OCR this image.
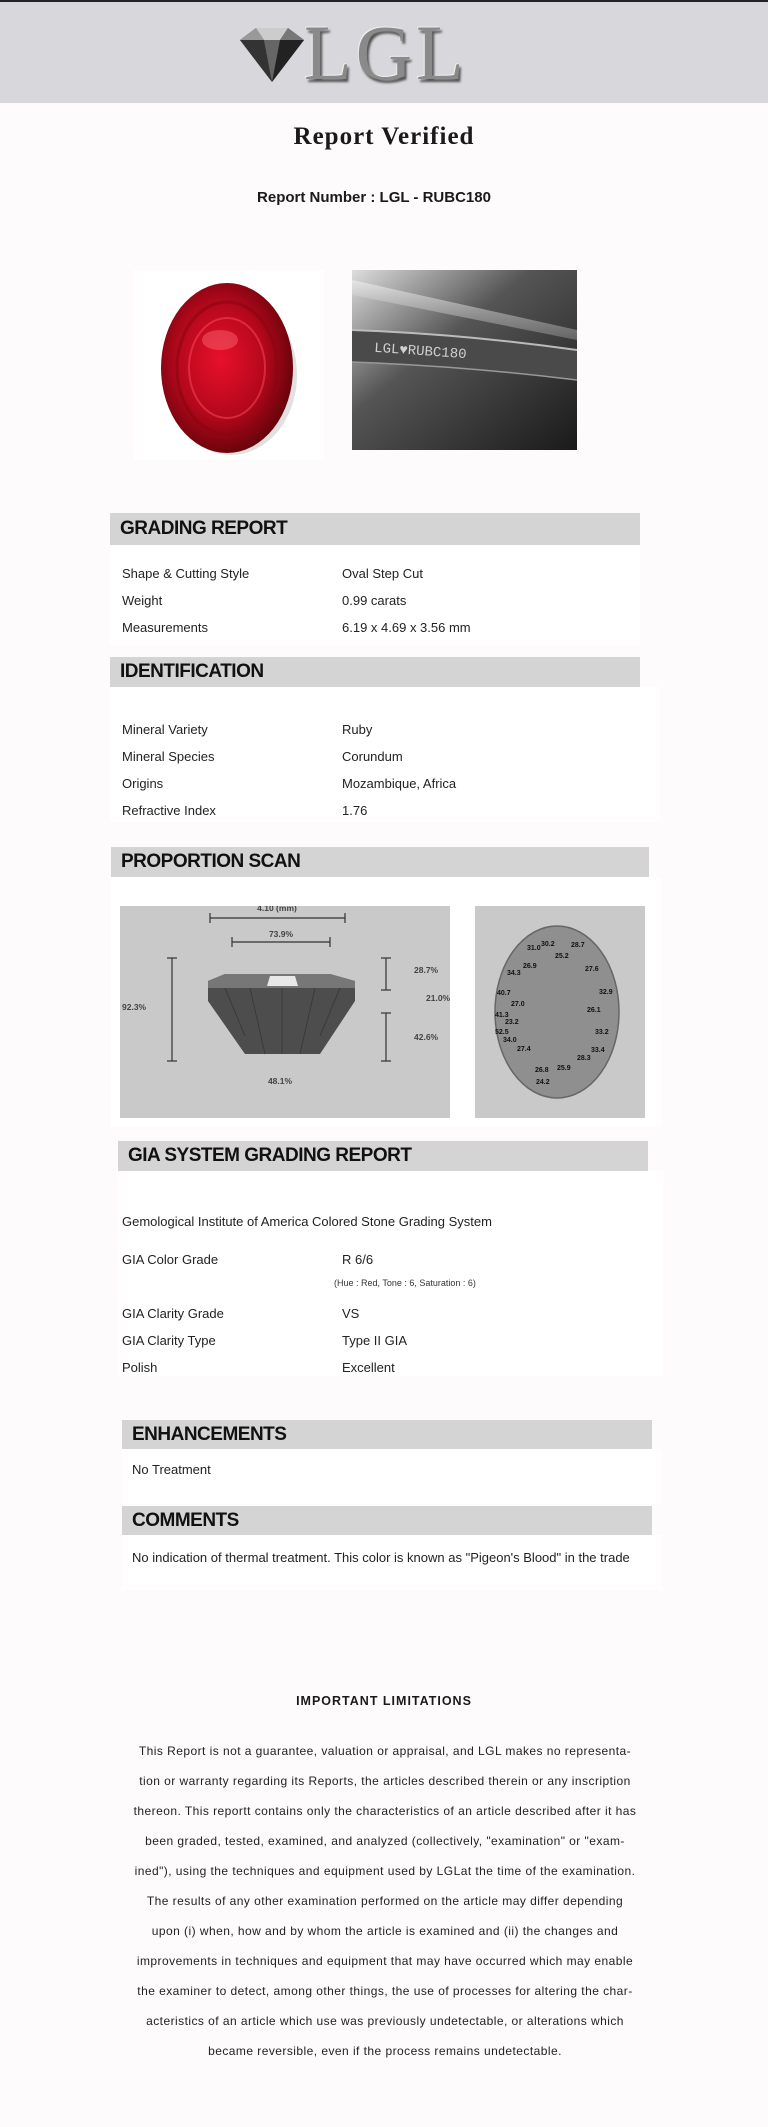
LGL
Report Verified
Report Number : LGL - RUBC180
LGL♥RUBC180
GRADING REPORT
Shape & Cutting Style	Oval Step Cut
Weight	0.99 carats
Measurements	6.19 x 4.69 x 3.56 mm
IDENTIFICATION
Mineral Variety	Ruby
Mineral Species	Corundum
Origins	Mozambique, Africa
Refractive Index	1.76
PROPORTION SCAN
4.10 (mm)
73.9%
92.3%
28.7%
21.0%
42.6%
48.1%
31.0
30.2 28.7
25.2
26.9
34.3
27.6
40.7	32.9
27.0
26.1
41.3
23.2
52.5	33.2
34.0
27.4	33.4
28.3
26.8 25.9
24.2
GIA SYSTEM GRADING REPORT
Gemological Institute of America Colored Stone Grading System
GIA Color Grade	R 6/6
(Hue : Red, Tone : 6, Saturation : 6)
GIA Clarity Grade	VS
GIA Clarity Type	Type II GIA
Polish	Excellent
ENHANCEMENTS
No Treatment
COMMENTS
No indication of thermal treatment. This color is known as "Pigeon's Blood" in the trade
IMPORTANT LIMITATIONS
This Report is not a guarantee, valuation or appraisal, and LGL makes no representa-
tion or warranty regarding its Reports, the articles described therein or any inscription
thereon. This reportt contains only the characteristics of an article described after it has
been graded, tested, examined, and analyzed (collectively, "examination" or "exam-
ined"), using the techniques and equipment used by LGLat the time of the examination.
The results of any other examination performed on the article may differ depending
upon (i) when, how and by whom the article is examined and (ii) the changes and
improvements in techniques and equipment that may have occurred which may enable
the examiner to detect, among other things, the use of processes for altering the char-
acteristics of an article which use was previously undetectable, or alterations which
became reversible, even if the process remains undetectable.
